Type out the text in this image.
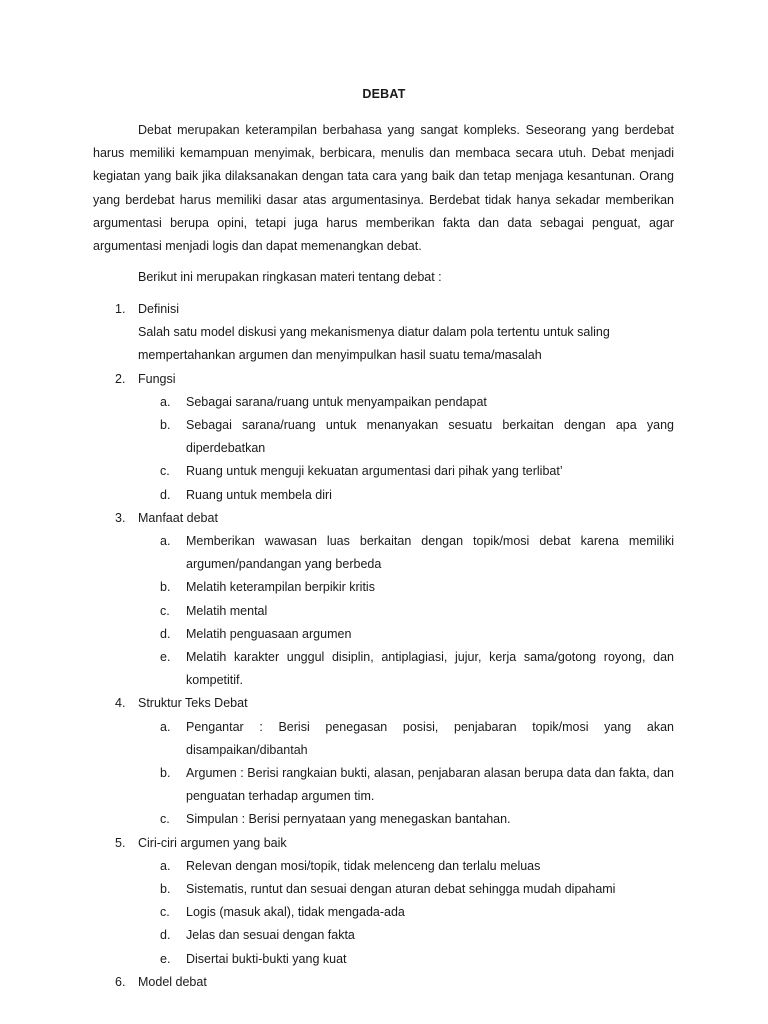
DEBAT
Debat merupakan keterampilan berbahasa yang sangat kompleks. Seseorang yang berdebat harus memiliki kemampuan menyimak, berbicara, menulis dan membaca secara utuh. Debat menjadi kegiatan yang baik jika dilaksanakan dengan tata cara yang baik dan tetap menjaga kesantunan. Orang yang berdebat harus memiliki dasar atas argumentasinya. Berdebat tidak hanya sekadar memberikan argumentasi berupa opini, tetapi juga harus memberikan fakta dan data sebagai penguat, agar argumentasi menjadi logis dan dapat memenangkan debat.
Berikut ini merupakan ringkasan materi tentang debat :
1. Definisi
Salah satu model diskusi yang mekanismenya diatur dalam pola tertentu untuk saling mempertahankan argumen dan menyimpulkan hasil suatu tema/masalah
2. Fungsi
a. Sebagai sarana/ruang untuk menyampaikan pendapat
b. Sebagai sarana/ruang untuk menanyakan sesuatu berkaitan dengan apa yang diperdebatkan
c. Ruang untuk menguji kekuatan argumentasi dari pihak yang terlibat’
d. Ruang untuk membela diri
3. Manfaat debat
a. Memberikan wawasan luas berkaitan dengan topik/mosi debat karena memiliki argumen/pandangan yang berbeda
b. Melatih keterampilan berpikir kritis
c. Melatih mental
d. Melatih penguasaan argumen
e. Melatih karakter unggul disiplin, antiplagiasi, jujur, kerja sama/gotong royong, dan kompetitif.
4. Struktur Teks Debat
a. Pengantar : Berisi penegasan posisi, penjabaran topik/mosi yang akan disampaikan/dibantah
b. Argumen : Berisi rangkaian bukti, alasan, penjabaran alasan berupa data dan fakta, dan penguatan terhadap argumen tim.
c. Simpulan : Berisi pernyataan yang menegaskan bantahan.
5. Ciri-ciri argumen yang baik
a. Relevan dengan mosi/topik, tidak melenceng dan terlalu meluas
b. Sistematis, runtut dan sesuai dengan aturan debat sehingga mudah dipahami
c. Logis (masuk akal), tidak mengada-ada
d. Jelas dan sesuai dengan fakta
e. Disertai bukti-bukti yang kuat
6. Model debat
